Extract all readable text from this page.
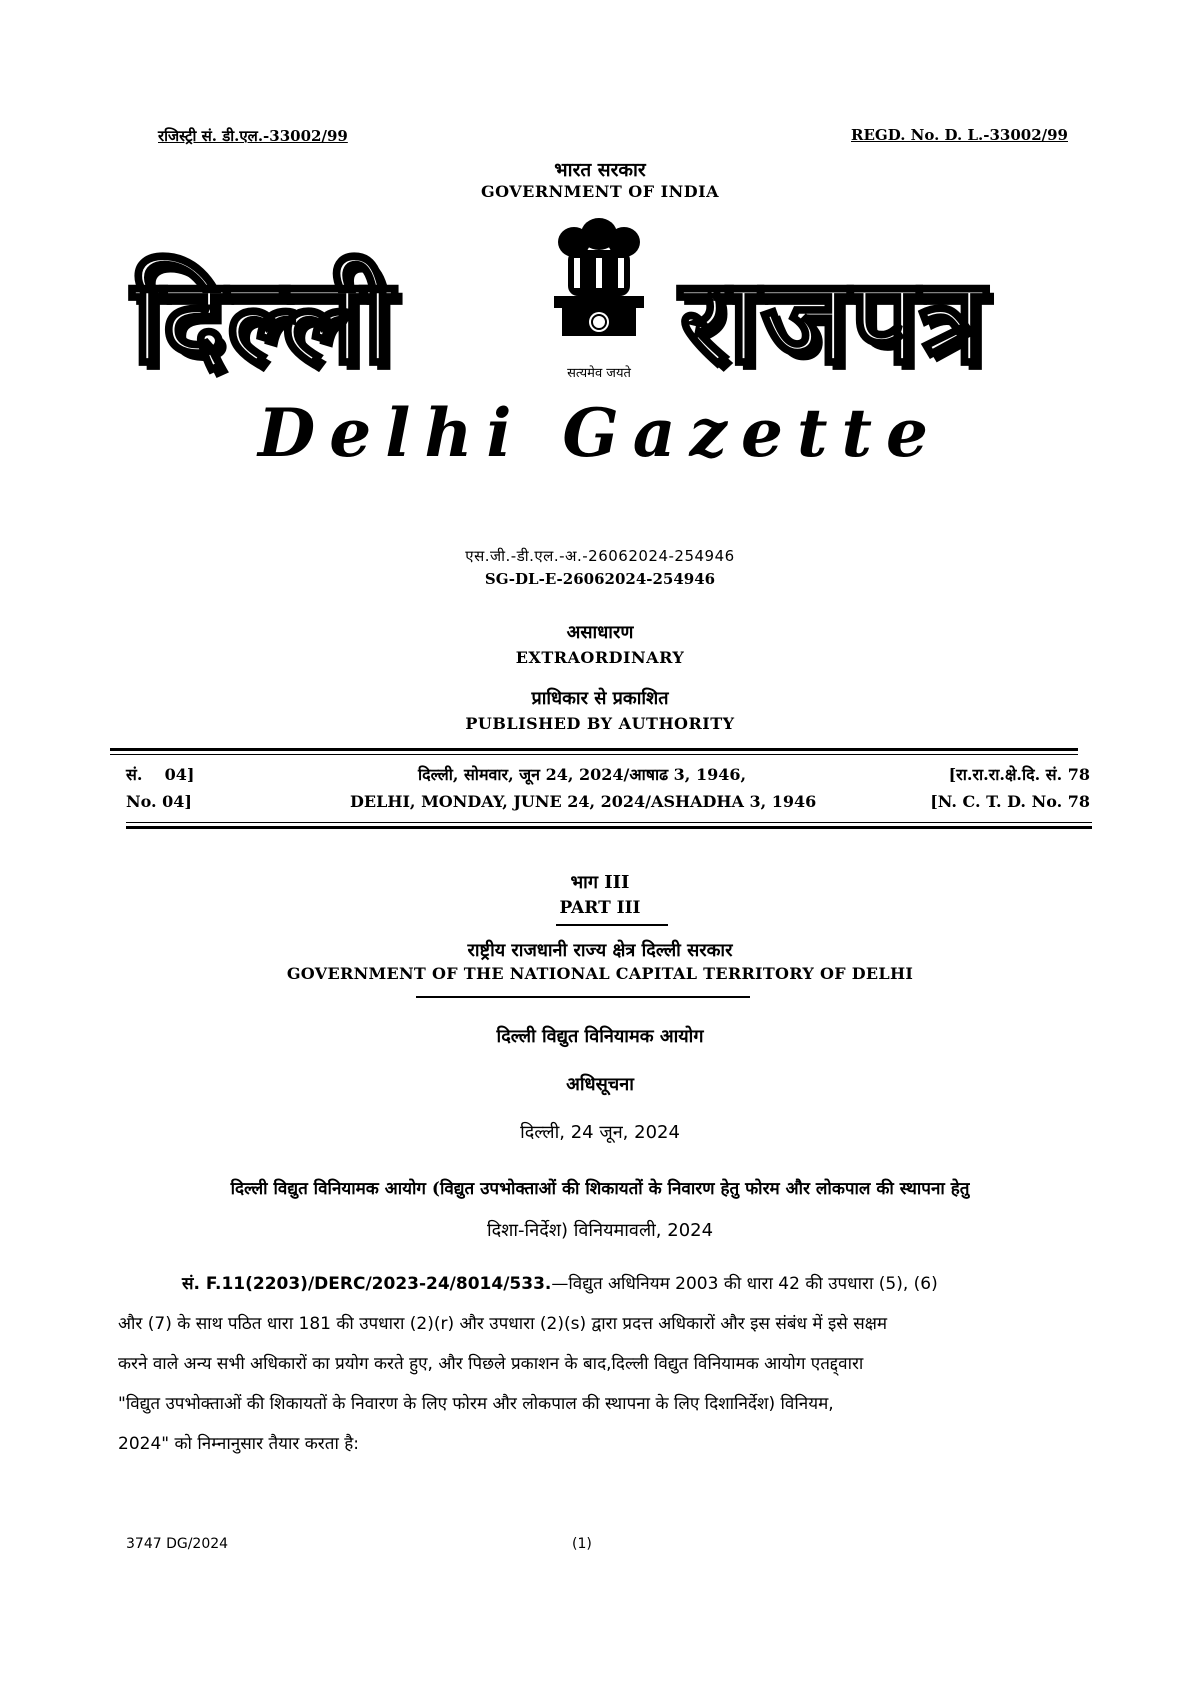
रजिस्ट्री सं. डी.एल.-33002/99	REGD. No. D. L.-33002/99
भारत सरकार
GOVERNMENT OF INDIA
दिल्ली राजपत्र
सत्यमेव जयते
Delhi Gazette
एस.जी.-डी.एल.-अ.-26062024-254946
SG-DL-E-26062024-254946
असाधारण
EXTRAORDINARY
प्राधिकार से प्रकाशित
PUBLISHED BY AUTHORITY
सं.    04]	दिल्ली, सोमवार, जून 24, 2024/आषाढ 3, 1946,	[रा.रा.रा.क्षे.दि. सं. 78
No. 04]	DELHI, MONDAY, JUNE 24, 2024/ASHADHA 3, 1946	[N. C. T. D. No. 78
भाग III
PART III
राष्ट्रीय राजधानी राज्य क्षेत्र दिल्ली सरकार
GOVERNMENT OF THE NATIONAL CAPITAL TERRITORY OF DELHI
दिल्ली विद्युत विनियामक आयोग
अधिसूचना
दिल्ली, 24 जून, 2024
दिल्ली विद्युत विनियामक आयोग (विद्युत उपभोक्ताओं की शिकायतों के निवारण हेतु फोरम और लोकपाल की स्थापना हेतु
दिशा-निर्देश) विनियमावली, 2024
सं. F.11(2203)/DERC/2023-24/8014/533.—विद्युत अधिनियम 2003 की धारा 42 की उपधारा (5), (6)
और (7) के साथ पठित धारा 181 की उपधारा (2)(r) और उपधारा (2)(s) द्वारा प्रदत्त अधिकारों और इस संबंध में इसे सक्षम
करने वाले अन्य सभी अधिकारों का प्रयोग करते हुए, और पिछले प्रकाशन के बाद,दिल्ली विद्युत विनियामक आयोग एतद्द्वारा
"विद्युत उपभोक्ताओं की शिकायतों के निवारण के लिए फोरम और लोकपाल की स्थापना के लिए दिशानिर्देश) विनियम,
2024" को निम्नानुसार तैयार करता है:
3747 DG/2024	(1)
